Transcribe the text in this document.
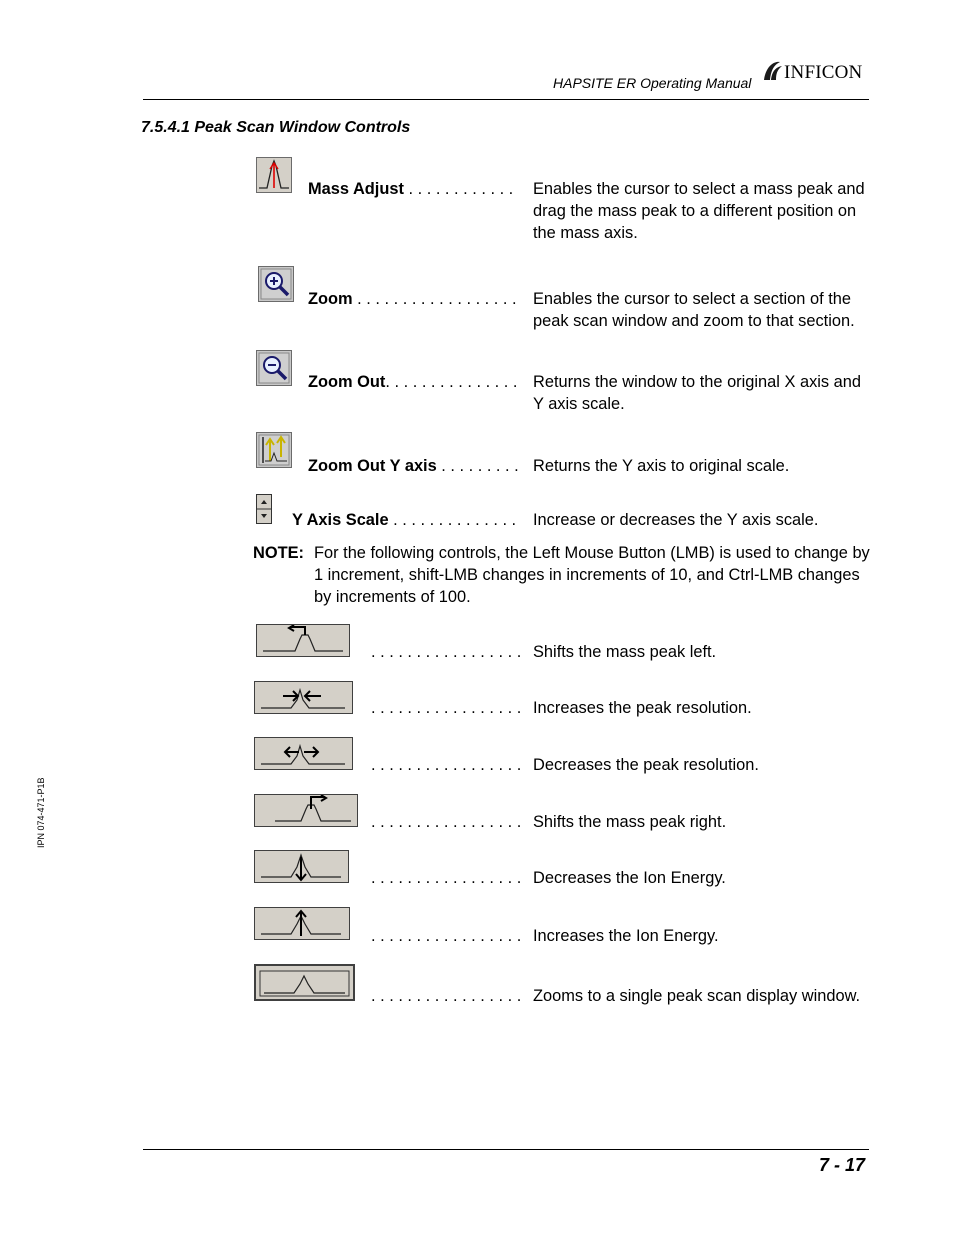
HAPSITE ER Operating Manual INFICON
7.5.4.1 Peak Scan Window Controls
Mass Adjust . . . . . . . . . . . . Enables the cursor to select a mass peak and drag the mass peak to a different position on the mass axis.
Zoom . . . . . . . . . . . . . . . . . . Enables the cursor to select a section of the peak scan window and zoom to that section.
Zoom Out. . . . . . . . . . . . . . . Returns the window to the original X axis and Y axis scale.
Zoom Out Y axis . . . . . . . . . Returns the Y axis to original scale.
Y Axis Scale . . . . . . . . . . . . . . Increase or decreases the Y axis scale.
NOTE: For the following controls, the Left Mouse Button (LMB) is used to change by 1 increment, shift-LMB changes in increments of 10, and Ctrl-LMB changes by increments of 100.
. . . . . . . . . . . . . . . . . Shifts the mass peak left.
. . . . . . . . . . . . . . . . . Increases the peak resolution.
. . . . . . . . . . . . . . . . . Decreases the peak resolution.
. . . . . . . . . . . . . . . . . Shifts the mass peak right.
. . . . . . . . . . . . . . . . . Decreases the Ion Energy.
. . . . . . . . . . . . . . . . . Increases the Ion Energy.
. . . . . . . . . . . . . . . . . Zooms to a single peak scan display window.
IPN 074-471-P1B
7 - 17
